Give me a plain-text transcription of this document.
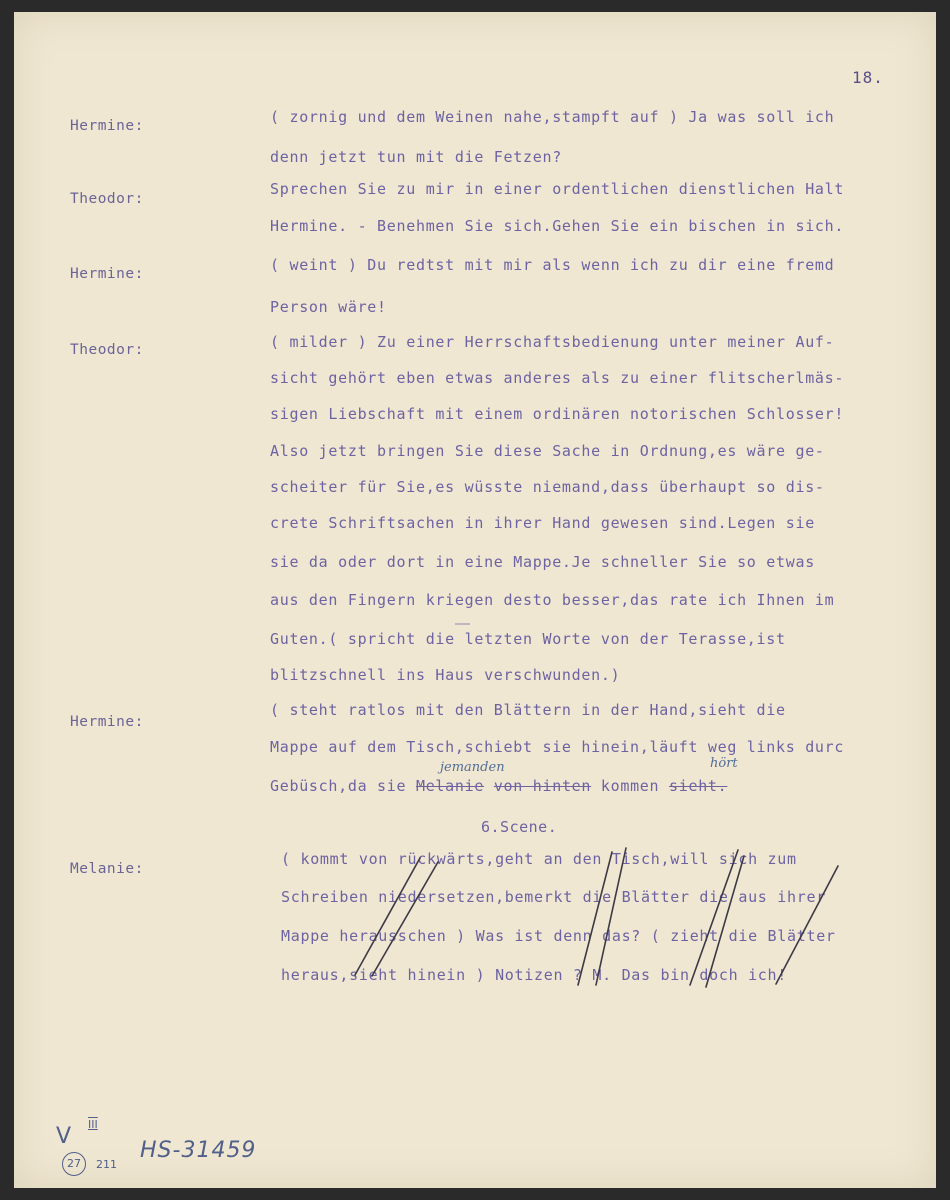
18.
Hermine:	( zornig und dem Weinen nahe,stampft auf ) Ja was soll ich
denn jetzt tun mit die Fetzen?
Theodor:
Sprechen Sie zu mir in einer ordentlichen dienstlichen Halt
Hermine. - Benehmen Sie sich.Gehen Sie ein bischen in sich.
Hermine:	( weint ) Du redtst mit mir als wenn ich zu dir eine fremd
Person wäre!
Theodor:	( milder ) Zu einer Herrschaftsbedienung unter meiner Auf-
sicht gehört eben etwas anderes als zu einer flitscherlmäs-
sigen Liebschaft mit einem ordinären notorischen Schlosser!
Also jetzt bringen Sie diese Sache in Ordnung,es wäre ge-
scheiter für Sie,es wüsste niemand,dass überhaupt so dis-
crete Schriftsachen in ihrer Hand gewesen sind.Legen sie
sie da oder dort in eine Mappe.Je schneller Sie so etwas
aus den Fingern kriegen desto besser,das rate ich Ihnen im
Guten.( spricht die letzten Worte von der Terasse,ist
blitzschnell ins Haus verschwunden.)
Hermine:
( steht ratlos mit den Blättern in der Hand,sieht die
Mappe auf dem Tisch,schiebt sie hinein,läuft weg links durc
Gebüsch,da sie Melanie von hinten kommen sieht.
jemanden	hört
6.Scene.
Melanie:
( kommt von rückwärts,geht an den Tisch,will sich zum
Schreiben niedersetzen,bemerkt die Blätter die aus ihrer
Mappe herausschen ) Was ist denn das? ( zieht die Blätter
heraus,sieht hinein ) Notizen ? M. Das bin doch ich!
V III
27	211
HS-31459
